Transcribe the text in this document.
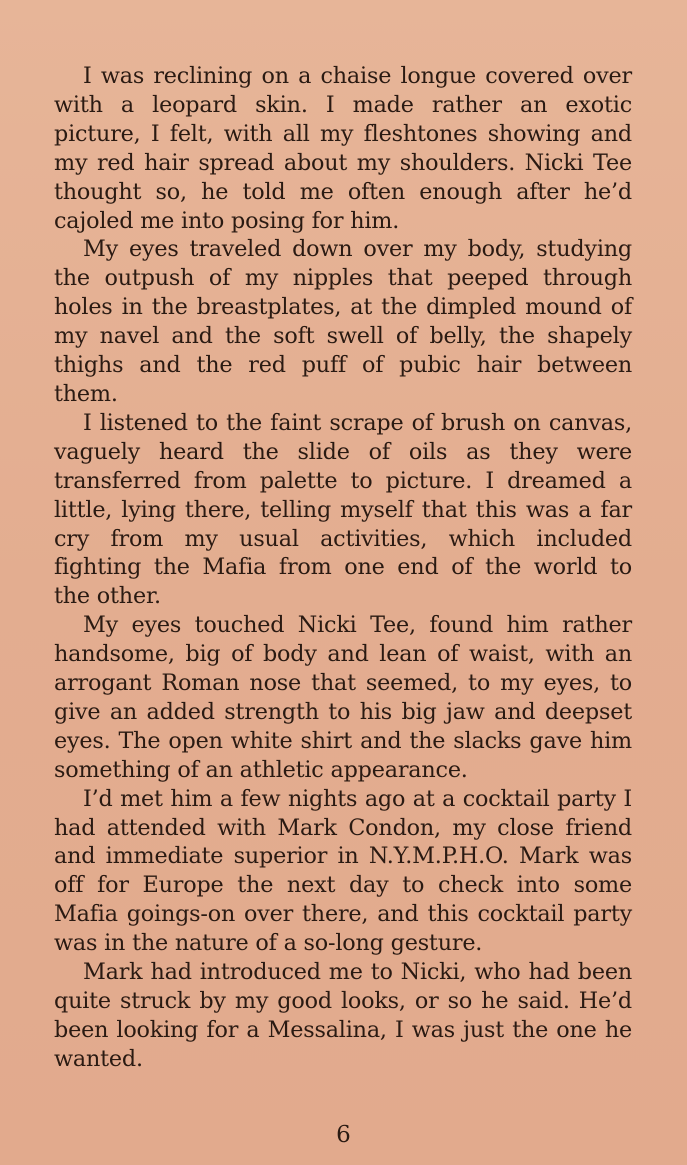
I was reclining on a chaise longue covered over
with a leopard skin. I made rather an exotic
picture, I felt, with all my fleshtones showing and
my red hair spread about my shoulders. Nicki Tee
thought so, he told me often enough after he’d
cajoled me into posing for him.

My eyes traveled down over my body, studying
the outpush of my nipples that peeped through
holes in the breastplates, at the dimpled mound of
my navel and the soft swell of belly, the shapely
thighs and the red puff of pubic hair between
them.

I listened to the faint scrape of brush on canvas,
vaguely heard the slide of oils as they were
transferred from palette to picture. I dreamed a
little, lying there, telling myself that this was a far
cry from my usual activities, which included
fighting the Mafia from one end of the world to
the other.

My eyes touched Nicki Tee, found him rather
handsome, big of body and lean of waist, with an
arrogant Roman nose that seemed, to my eyes, to
give an added strength to his big jaw and deepset
eyes. The open white shirt and the slacks gave him
something of an athletic appearance.

I’d met him a few nights ago at a cocktail party I
had attended with Mark Condon, my close friend
and immediate superior in N.Y.M.P.H.O. Mark was
off for Europe the next day to check into some
Mafia goings-on over there, and this cocktail party
was in the nature of a so-long gesture.

Mark had introduced me to Nicki, who had been
quite struck by my good looks, or so he said. He’d
been looking for a Messalina, I was just the one he
wanted.

6
